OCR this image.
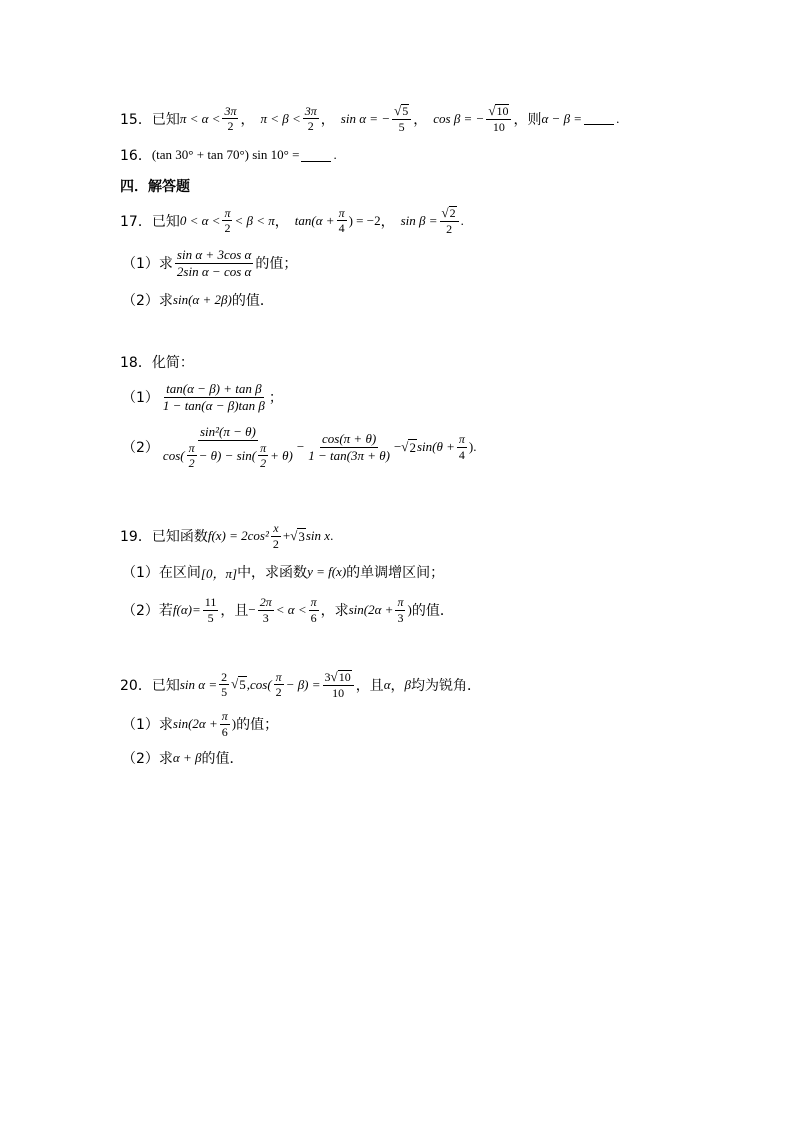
15． 已知 $\pi < \alpha < \frac{3\pi}{2}$ ， $\pi < \beta < \frac{3\pi}{2}$ ， sin α = − $\frac{√ 5}{5}$ ， cos β = − $\frac{√ 10}{10}$ ，则 α − β =	.
16． (tan 30° + tan 70°) sin 10° =	.
四．解答题
17． 已知 $0 < \alpha < \frac{\pi}{2} < \beta < \pi$ ， $\tan(\alpha + \frac{\pi}{4}$ ) = −2 ， $\sin \beta = \frac{√ 2}{2}$ .
（1）求 $\frac{\text{sin α + 3cos α}}{\text{2sin α − cos α}}$ 的值；
（2）求 sin(α + 2β) 的值．
18． 化简：
$(1) \frac{\text{tan(α − β) + tan β}}{\text{1 − tan(α − β)tan β}}$ ；
$(2) \frac{\text{sin²(π − θ)}}{\cos( \frac{\pi}{2} - \theta) - \sin( \frac{\pi}{2} + \theta)} - \frac{\cos(\pi + \theta)}{1 - \tan(3\pi + \theta)}$ − √ 2 $\sin(\theta + \frac{\pi}{4}$ ) .
19． 已知函数 $f(x) = 2\cos^2 \frac{x}{2}$ + √ 3 sin x .
（1）在区间 [0，π] 中，求函数 y = f(x) 的单调增区间；
（2）若 $f(\alpha)= \frac{11}{5}$ ，且 − $\frac{2\pi}{3} < \alpha < \frac{\pi}{6}$ ，求 $\sin(2\alpha + \frac{\pi}{3}$ ) 的值．
20． 已知 $\sin \alpha = \frac{2}{5}$ √ 5 $,\cos( \frac{\pi}{2} - \beta) = \frac{3 √ 10}{10}$ ，且 α ， β 均为锐角．
（1）求 $\sin(2\alpha + \frac{\pi}{6}$ ) 的值；
（2）求 α + β 的值．
